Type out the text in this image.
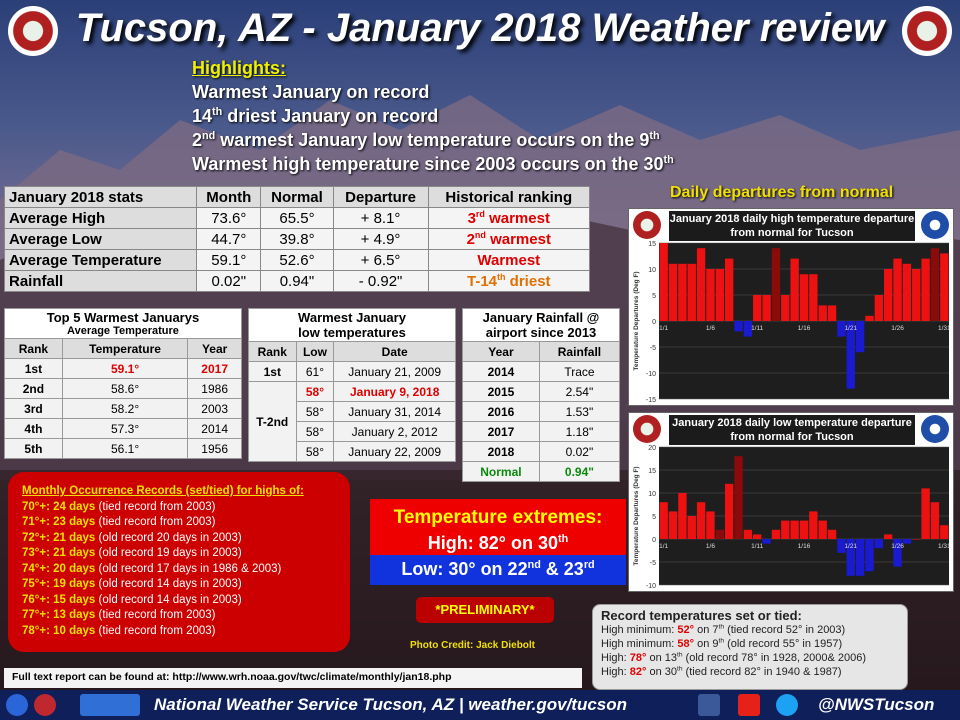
Tucson, AZ - January 2018 Weather review
Highlights:
Warmest January on record
14th driest January on record
2nd warmest January low temperature occurs on the 9th
Warmest high temperature since 2003 occurs on the 30th
January 2018 stats	Month	Normal	Departure	Historical ranking
Average High	73.6°	65.5°	+ 8.1°	3rd warmest
Average Low	44.7°	39.8°	+ 4.9°	2nd warmest
Average Temperature	59.1°	52.6°	+ 6.5°	Warmest
Rainfall	0.02"	0.94"	- 0.92"	T-14th driest
Top 5 Warmest Januarys
Average Temperature		

Rank	Temperature	Year
1st	59.1°	2017
2nd	58.6°	1986
3rd	58.2°	2003
4th	57.3°	2014
5th	56.1°	1956
Warmest January
low temperatures		

Rank	Low	Date
1st	61°	January 21, 2009
T-2nd	58°	January 9, 2018
	58°	January 31, 2014
	58°	January 2, 2012
	58°	January 22, 2009
January Rainfall @
airport since 2013	

Year	Rainfall
2014	Trace
2015	2.54"
2016	1.53"
2017	1.18"
2018	0.02"
Normal	0.94"
Monthly Occurrence Records (set/tied) for highs of:
70°+: 24 days (tied record from 2003)
71°+: 23 days (tied record from 2003)
72°+: 21 days (old record 20 days in 2003)
73°+: 21 days (old record 19 days in 2003)
74°+: 20 days (old record 17 days in 1986 & 2003)
75°+: 19 days (old record 14 days in 2003)
76°+: 15 days (old record 14 days in 2003)
77°+: 13 days (tied record from 2003)
78°+: 10 days (tied record from 2003)
Temperature extremes:
High: 82° on 30th
Low: 30° on 22nd & 23rd
*PRELIMINARY*
Photo Credit: Jack Diebolt
Record temperatures set or tied:
High minimum: 52° on 7th (tied record 52° in 2003)
High minimum: 58° on 9th (old record 55° in 1957)
High: 78° on 13th (old record 78° in 1928, 2000& 2006)
High: 82° on 30th (tied record 82° in 1940 & 1987)
Full text report can be found at: http://www.wrh.noaa.gov/twc/climate/monthly/jan18.php
National Weather Service Tucson, AZ | weather.gov/tucson	@NWSTucson
Daily departures from normal
January 2018 daily high temperature departure from normal for Tucson
15
10
5
0
-5
-10
-15
1/1	1/6	1/11	1/16	1/21	1/26	1/31
Temperature Departures (Deg F)
January 2018 daily low temperature departure from normal for Tucson
20
15
10
5
0
-5
-10
1/1	1/6	1/11	1/16	1/21	1/26	1/31
Temperature Departures (Deg F)
